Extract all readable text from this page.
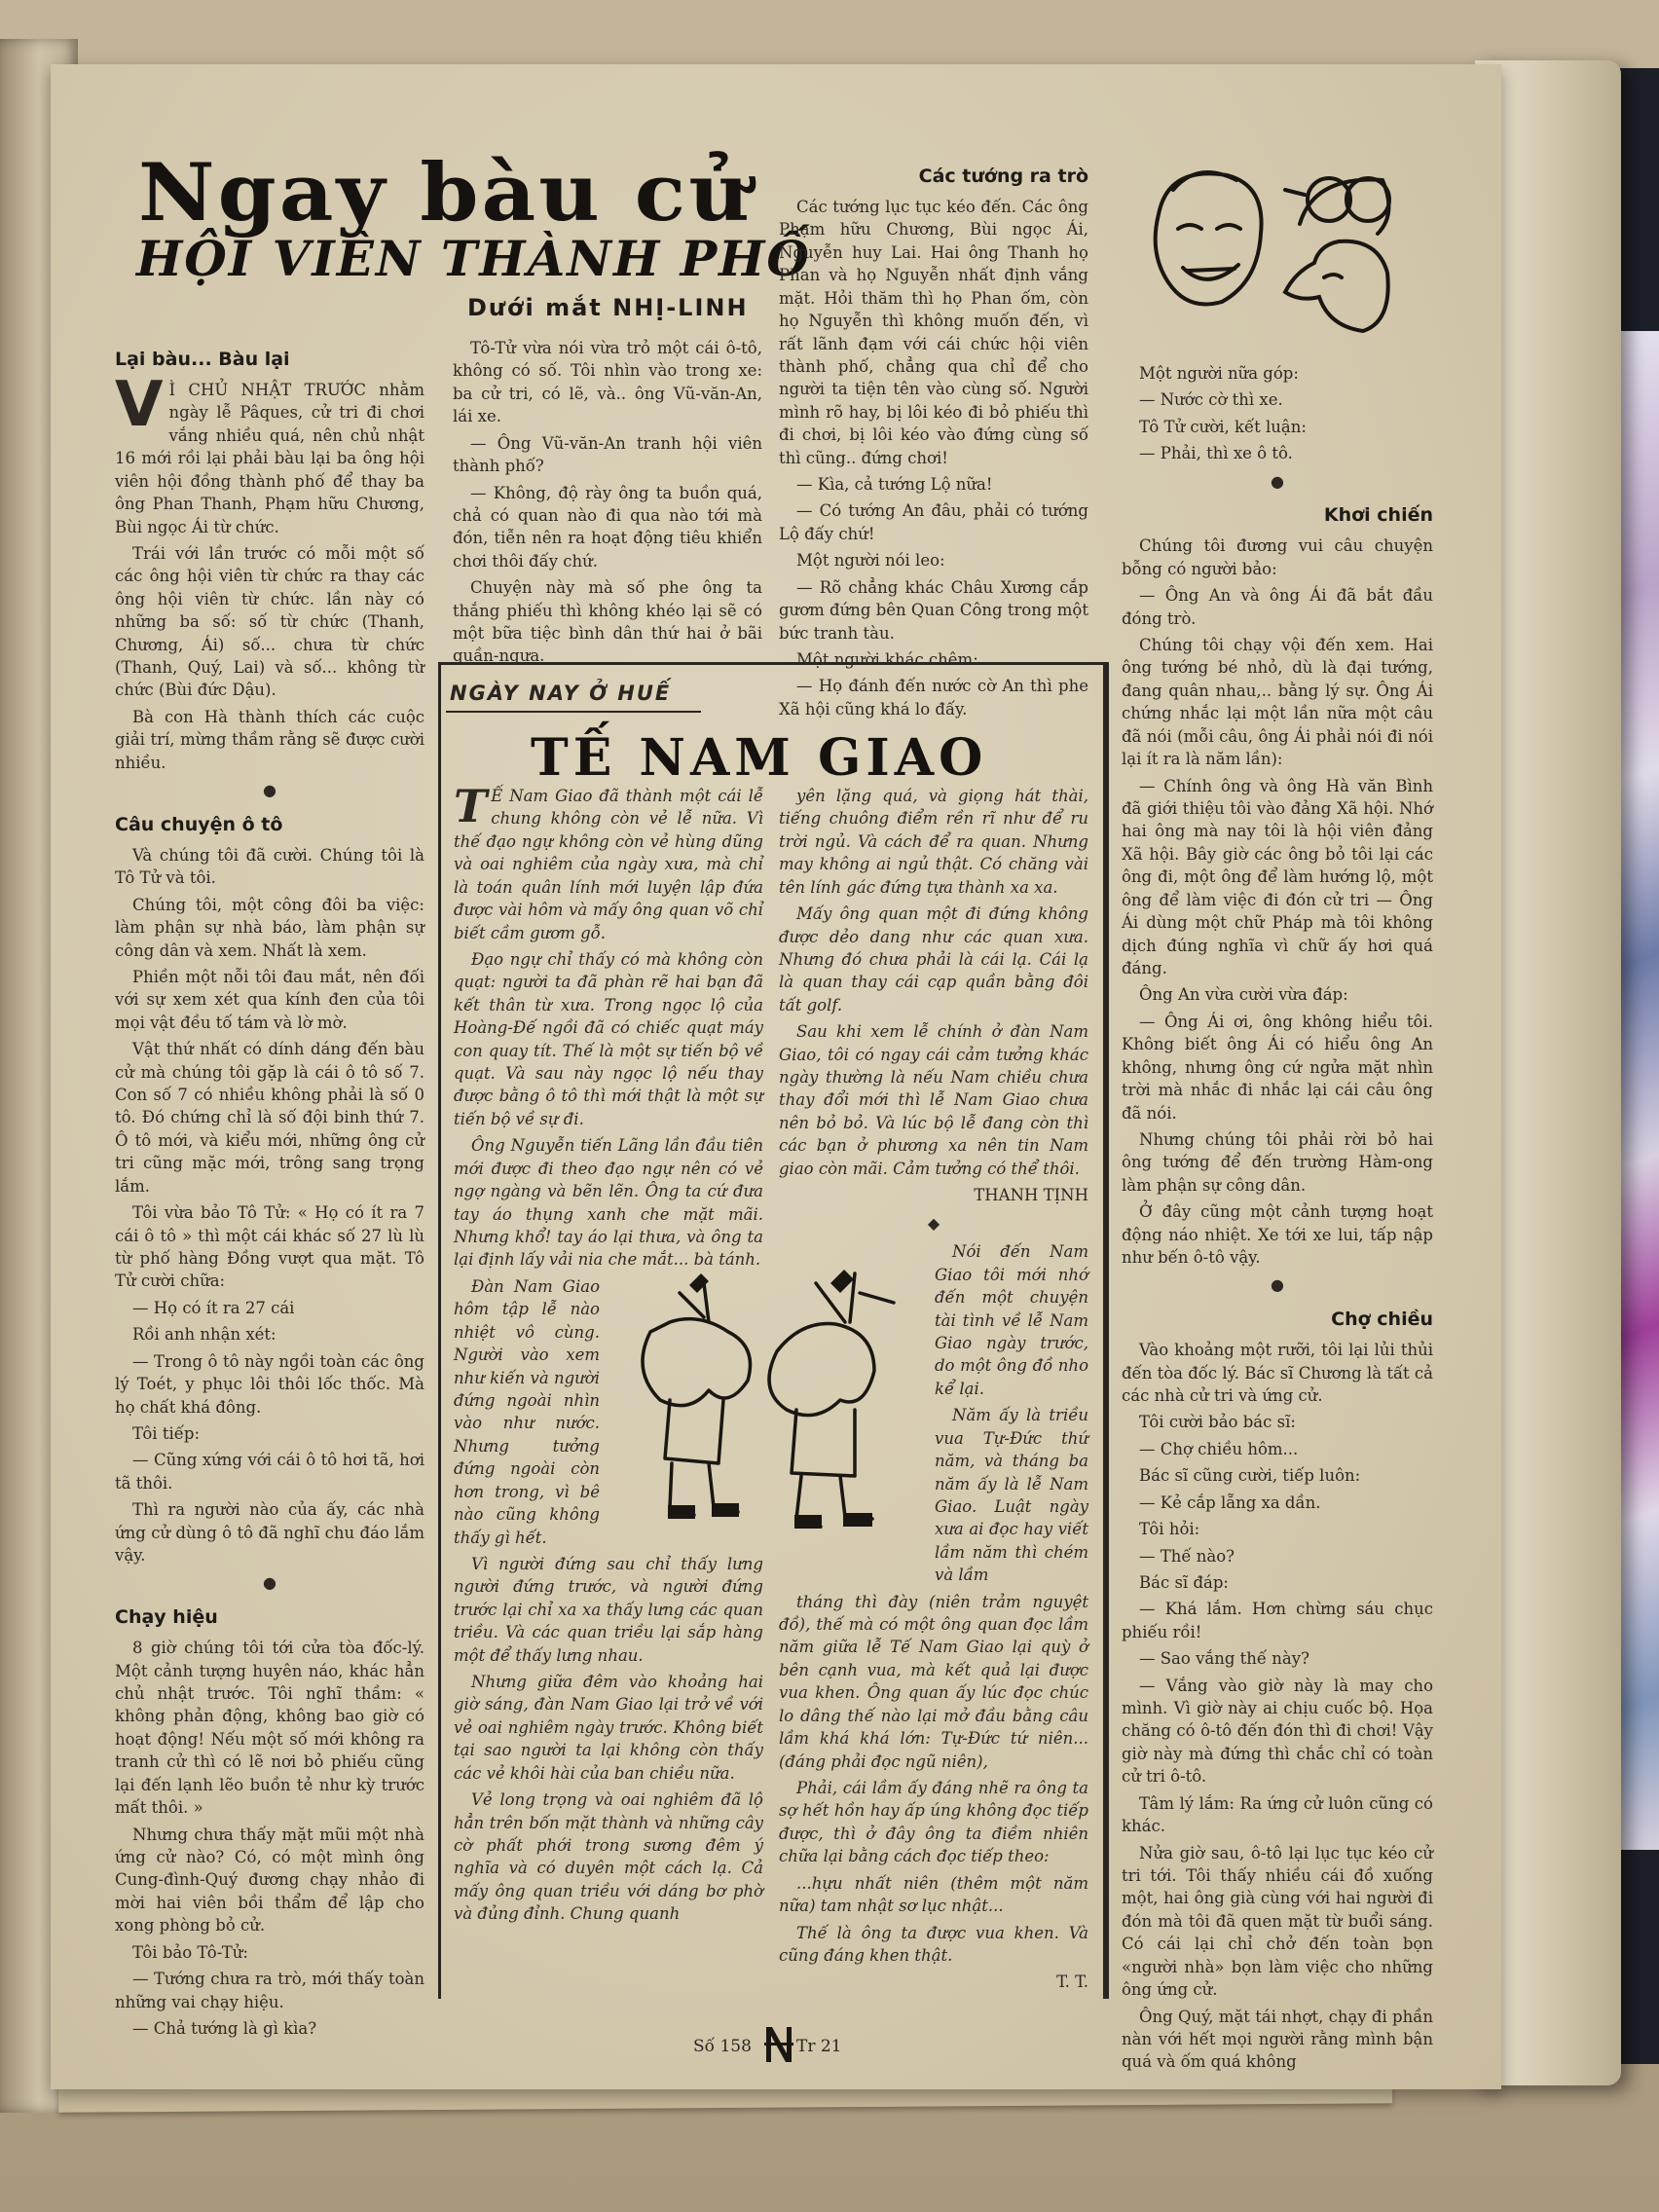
Ngay bàu cử
HỘI VIÊN THÀNH PHỐ
Dưới mắt NHỊ-LINH
Lại bàu... Bàu lại

V Ì CHỦ NHẬT TRƯỚC nhằm ngày lễ Pâques, cử tri đi chơi vắng nhiều quá, nên chủ nhật 16 mới rồi lại phải bàu lại ba ông hội viên hội đồng thành phố để thay ba ông Phan Thanh, Phạm hữu Chương, Bùi ngọc Ái từ chức.

Trái với lần trước có mỗi một số các ông hội viên từ chức ra thay các ông hội viên từ chức. lần này có những ba số: số từ chức (Thanh, Chương, Ái) số... chưa từ chức (Thanh, Quý, Lai) và số... không từ chức (Bùi đức Dậu).

Bà con Hà thành thích các cuộc giải trí, mừng thầm rằng sẽ được cười nhiều.

●
Câu chuyện ô tô

Và chúng tôi đã cười. Chúng tôi là Tô Tử và tôi.

Chúng tôi, một công đôi ba việc: làm phận sự nhà báo, làm phận sự công dân và xem. Nhất là xem.

Phiền một nỗi tôi đau mắt, nên đối với sự xem xét qua kính đen của tôi mọi vật đều tố tám và lờ mờ.

Vật thứ nhất có dính dáng đến bàu cử mà chúng tôi gặp là cái ô tô số 7. Con số 7 có nhiều không phải là số 0 tô. Đó chứng chỉ là số đội binh thứ 7. Ô tô mới, và kiểu mới, những ông cử tri cũng mặc mới, trông sang trọng lắm.

Tôi vừa bảo Tô Tử: « Họ có ít ra 7 cái ô tô » thì một cái khác số 27 lù lù từ phố hàng Đồng vượt qua mặt. Tô Tử cười chữa:

— Họ có ít ra 27 cái

Rồi anh nhận xét:

— Trong ô tô này ngồi toàn các ông lý Toét, y phục lôi thôi lốc thốc. Mà họ chất khá đông.

Tôi tiếp:

— Cũng xứng với cái ô tô hơi tã, hơi tã thôi.

Thì ra người nào của ấy, các nhà ứng cử dùng ô tô đã nghĩ chu đáo lắm vậy.

●
Chạy hiệu

8 giờ chúng tôi tới cửa tòa đốc-lý. Một cảnh tượng huyên náo, khác hẳn chủ nhật trước. Tôi nghĩ thầm: « không phản động, không bao giờ có hoạt động! Nếu một số mới không ra tranh cử thì có lẽ nơi bỏ phiếu cũng lại đến lạnh lẽo buồn tẻ như kỳ trước mất thôi. »

Nhưng chưa thấy mặt mũi một nhà ứng cử nào? Có, có một mình ông Cung-đình-Quý đương chạy nhảo đi mời hai viên bồi thẩm để lập cho xong phòng bỏ cử.

Tôi bảo Tô-Tử:

— Tướng chưa ra trò, mới thấy toàn những vai chạy hiệu.

— Chả tướng là gì kìa?

Tô-Tử vừa nói vừa trỏ một cái ô-tô, không có số. Tôi nhìn vào trong xe: ba cử tri, có lẽ, và.. ông Vũ-văn-An, lái xe.

— Ông Vũ-văn-An tranh hội viên thành phố?

— Không, độ rày ông ta buồn quá, chả có quan nào đi qua nào tới mà đón, tiễn nên ra hoạt động tiêu khiển chơi thôi đấy chứ.

Chuyện này mà số phe ông ta thắng phiếu thì không khéo lại sẽ có một bữa tiệc bình dân thứ hai ở bãi quần-ngựa.

Các tướng ra trò

Các tướng lục tục kéo đến. Các ông Phạm hữu Chương, Bùi ngọc Ái, Nguyễn huy Lai. Hai ông Thanh họ Phan và họ Nguyễn nhất định vắng mặt. Hỏi thăm thì họ Phan ốm, còn họ Nguyễn thì không muốn đến, vì rất lãnh đạm với cái chức hội viên thành phố, chẳng qua chỉ để cho người ta tiện tên vào cùng số. Người mình rõ hay, bị lôi kéo đi bỏ phiếu thì đi chơi, bị lôi kéo vào đứng cùng số thì cũng.. đứng chơi!

— Kìa, cả tướng Lộ nữa!

— Có tướng An đâu, phải có tướng Lộ đấy chứ!

Một người nói leo:

— Rõ chẳng khác Châu Xương cắp gươm đứng bên Quan Công trong một bức tranh tàu.

Một người khác chêm:

— Họ đánh đến nước cờ An thì phe Xã hội cũng khá lo đấy.

Một người nữa góp:

— Nước cờ thì xe.

Tô Tử cười, kết luận:

— Phải, thì xe ô tô.

●
Khơi chiến

Chúng tôi đương vui câu chuyện bỗng có người bảo:

— Ông An và ông Ái đã bắt đầu đóng trò.

Chúng tôi chạy vội đến xem. Hai ông tướng bé nhỏ, dù là đại tướng, đang quân nhau,.. bằng lý sự. Ông Ái chứng nhắc lại một lần nữa một câu đã nói (mỗi câu, ông Ái phải nói đi nói lại ít ra là năm lần):

— Chính ông và ông Hà văn Bình đã giới thiệu tôi vào đảng Xã hội. Nhớ hai ông mà nay tôi là hội viên đảng Xã hội. Bây giờ các ông bỏ tôi lại các ông đi, một ông để làm hướng lộ, một ông để làm việc đi đón cử tri — Ông Ái dùng một chữ Pháp mà tôi không dịch đúng nghĩa vì chữ ấy hơi quá đáng.

Ông An vừa cười vừa đáp:

— Ông Ái ơi, ông không hiểu tôi. Không biết ông Ái có hiểu ông An không, nhưng ông cứ ngửa mặt nhìn trời mà nhắc đi nhắc lại cái câu ông đã nói.

Nhưng chúng tôi phải rời bỏ hai ông tướng để đến trường Hàm-ong làm phận sự công dân.

Ở đây cũng một cảnh tượng hoạt động náo nhiệt. Xe tới xe lui, tấp nập như bến ô-tô vậy.

●
Chợ chiều

Vào khoảng một rưỡi, tôi lại lủi thủi đến tòa đốc lý. Bác sĩ Chương là tất cả các nhà cử tri và ứng cử.

Tôi cười bảo bác sĩ:

— Chợ chiều hôm...

Bác sĩ cũng cười, tiếp luôn:

— Kẻ cắp lẵng xa dần.

Tôi hỏi:

— Thế nào?

Bác sĩ đáp:

— Khá lắm. Hơn chừng sáu chục phiếu rồi!

— Sao vắng thế này?

— Vắng vào giờ này là may cho mình. Vì giờ này ai chịu cuốc bộ. Họa chăng có ô-tô đến đón thì đi chơi! Vậy giờ này mà đứng thì chắc chỉ có toàn cử tri ô-tô.

Tâm lý lắm: Ra ứng cử luôn cũng có khác.

Nửa giờ sau, ô-tô lại lục tục kéo cử tri tới. Tôi thấy nhiều cái đồ xuống một, hai ông già cùng với hai người đi đón mà tôi đã quen mặt từ buổi sáng. Có cái lại chỉ chở đến toàn bọn «người nhà» bọn làm việc cho những ông ứng cử.

Ông Quý, mặt tái nhợt, chạy đi phần nàn với hết mọi người rằng mình bận quá và ốm quá không

NGÀY NAY Ở HUẾ
TẾ NAM GIAO

T Ế Nam Giao đã thành một cái lễ chung không còn vẻ lễ nữa. Vì thế đạo ngự không còn vẻ hùng dũng và oai nghiêm của ngày xưa, mà chỉ là toán quân lính mới luyện lập đứa được vài hôm và mấy ông quan võ chỉ biết cầm gươm gỗ.

Đạo ngự chỉ thấy có mà không còn quạt: người ta đã phàn rẽ hai bạn đã kết thân từ xưa. Trong ngọc lộ của Hoàng-Đế ngồi đã có chiếc quạt máy con quay tít. Thế là một sự tiến bộ về quạt. Và sau này ngọc lộ nếu thay được bằng ô tô thì mới thật là một sự tiến bộ về sự đi.

Ông Nguyễn tiến Lãng lần đầu tiên mới được đi theo đạo ngự nên có vẻ ngợ ngàng và bẽn lẽn. Ông ta cứ đưa tay áo thụng xanh che mặt mãi. Nhưng khổ! tay áo lại thưa, và ông ta lại định lấy vải nia che mắt... bà tánh.

Đàn Nam Giao hôm tập lễ nào nhiệt vô cùng. Người vào xem như kiến và người đứng ngoài nhìn vào như nước. Nhưng tưởng đứng ngoài còn hơn trong, vì bê nào cũng không thấy gì hết.

Vì người đứng sau chỉ thấy lưng người đứng trước, và người đứng trước lại chỉ xa xa thấy lưng các quan triều. Và các quan triều lại sắp hàng một để thấy lưng nhau.

Nhưng giữa đêm vào khoảng hai giờ sáng, đàn Nam Giao lại trở về với vẻ oai nghiêm ngày trước. Không biết tại sao người ta lại không còn thấy các vẻ khôi hài của ban chiều nữa.

Vẻ long trọng và oai nghiêm đã lộ hẳn trên bốn mặt thành và những cây cờ phất phới trong sương đêm ý nghĩa và có duyên một cách lạ. Cả mấy ông quan triều với dáng bơ phờ và đủng đỉnh. Chung quanh

yên lặng quá, và giọng hát thài, tiếng chuông điểm rền rĩ như để ru trời ngủ. Và cách để ra quan. Nhưng may không ai ngủ thật. Có chăng vài tên lính gác đứng tựa thành xa xa.

Mấy ông quan một đi đứng không được dẻo dang như các quan xưa. Nhưng đó chưa phải là cái lạ. Cái lạ là quan thay cái cạp quần bằng đôi tất golf.

Sau khi xem lễ chính ở đàn Nam Giao, tôi có ngay cái cảm tưởng khác ngày thường là nếu Nam chiều chưa thay đổi mới thì lễ Nam Giao chưa nên bỏ bỏ. Và lúc bộ lễ đang còn thì các bạn ở phương xa nên tin Nam giao còn mãi. Cảm tưởng có thể thôi.

THANH TỊNH

◆

Nói đến Nam Giao tôi mới nhớ đến một chuyện tài tình về lễ Nam Giao ngày trước, do một ông đồ nho kể lại.

Năm ấy là triều vua Tự-Đức thứ năm, và tháng ba năm ấy là lễ Nam Giao. Luật ngày xưa ai đọc hay viết lầm năm thì chém và lầm

tháng thì đày (niên trảm nguyệt đồ), thế mà có một ông quan đọc lầm năm giữa lễ Tế Nam Giao lại quỳ ở bên cạnh vua, mà kết quả lại được vua khen. Ông quan ấy lúc đọc chúc lo dâng thế nào lại mở đầu bằng câu lầm khá khá lớn: Tự-Đức tứ niên... (đáng phải đọc ngũ niên),

Phải, cái lầm ấy đáng nhẽ ra ông ta sợ hết hồn hay ấp úng không đọc tiếp được, thì ở đây ông ta điềm nhiên chữa lại bằng cách đọc tiếp theo:

...hựu nhất niên (thêm một năm nữa) tam nhật sơ lục nhật...

Thế là ông ta được vua khen. Và cũng đáng khen thật.

T. T.

Số 158	Tr 21
